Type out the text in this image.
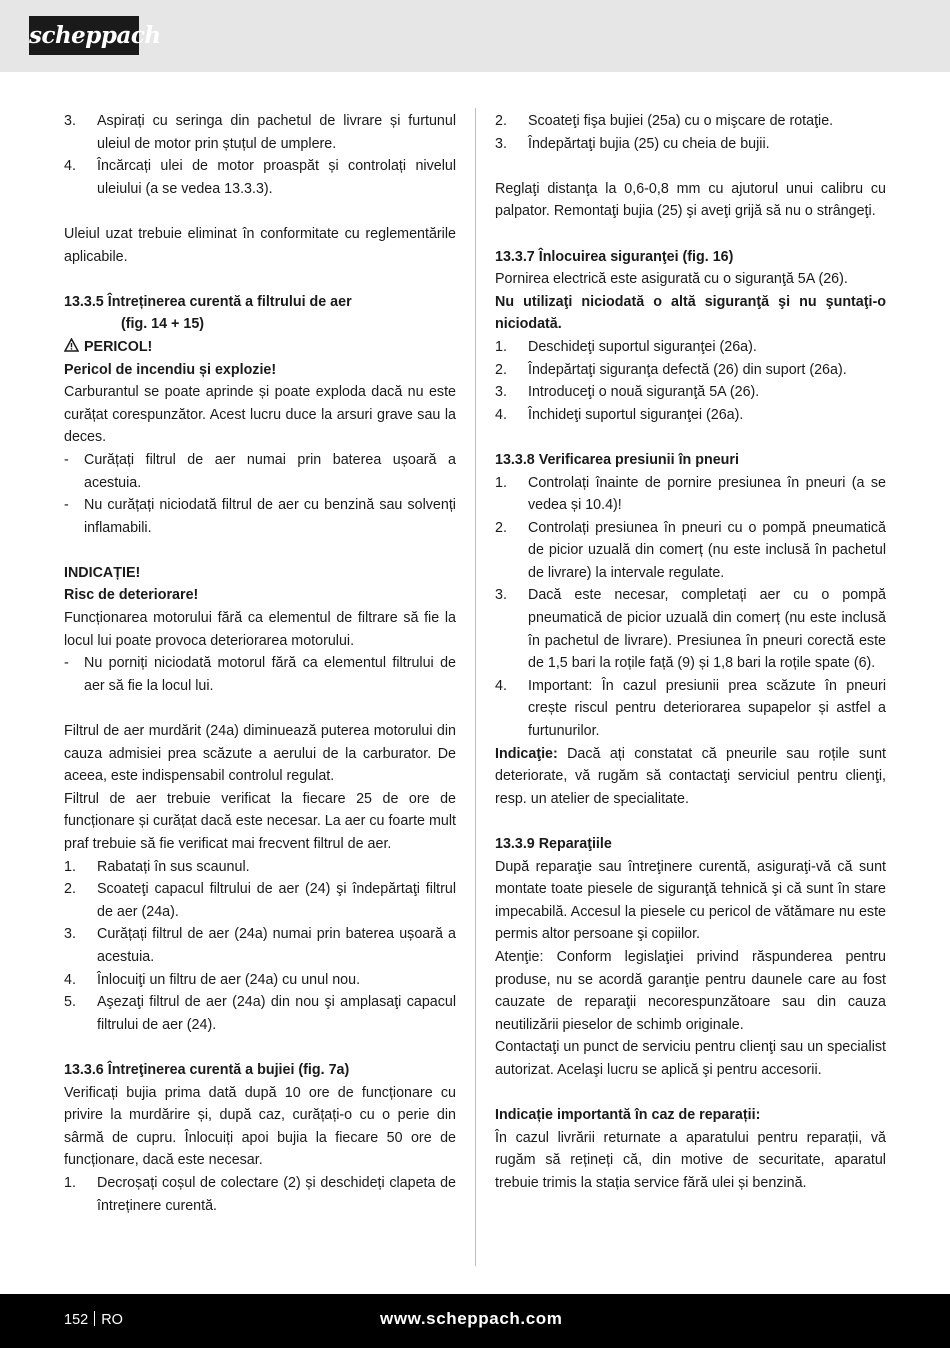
scheppach
3. Aspirați cu seringa din pachetul de livrare și furtunul uleiul de motor prin ștuțul de umplere.
4. Încărcați ulei de motor proaspăt și controlați nivelul uleiului (a se vedea 13.3.3).

Uleiul uzat trebuie eliminat în conformitate cu reglementările aplicabile.

13.3.5 Întreținerea curentă a filtrului de aer

(fig. 14 + 15)

PERICOL!

Pericol de incendiu și explozie!

Carburantul se poate aprinde și poate exploda dacă nu este curățat corespunzător. Acest lucru duce la arsuri grave sau la deces.

- Curățați filtrul de aer numai prin baterea ușoară a acestuia.
- Nu curățați niciodată filtrul de aer cu benzină sau solvenți inflamabili.

INDICAȚIE!

Risc de deteriorare!

Funcționarea motorului fără ca elementul de filtrare să fie la locul lui poate provoca deteriorarea motorului.

- Nu porniți niciodată motorul fără ca elementul filtrului de aer să fie la locul lui.

Filtrul de aer murdărit (24a) diminuează puterea motorului din cauza admisiei prea scăzute a aerului de la carburator. De aceea, este indispensabil controlul regulat.

Filtrul de aer trebuie verificat la fiecare 25 de ore de funcționare și curățat dacă este necesar. La aer cu foarte mult praf trebuie să fie verificat mai frecvent filtrul de aer.

1. Rabatați în sus scaunul.
2. Scoateţi capacul filtrului de aer (24) şi îndepărtaţi filtrul de aer (24a).
3. Curățați filtrul de aer (24a) numai prin baterea ușoară a acestuia.
4. Înlocuiţi un filtru de aer (24a) cu unul nou.
5. Aşezaţi filtrul de aer (24a) din nou şi amplasaţi capacul filtrului de aer (24).

13.3.6 Întreţinerea curentă a bujiei (fig. 7a)

Verificați bujia prima dată după 10 ore de funcționare cu privire la murdărire și, după caz, curățați-o cu o perie din sârmă de cupru. Înlocuiți apoi bujia la fiecare 50 ore de funcționare, dacă este necesar.

1. Decroșați coșul de colectare (2) și deschideți clapeta de întreținere curentă.
2. Scoateţi fişa bujiei (25a) cu o mişcare de rotaţie.
3. Îndepărtaţi bujia (25) cu cheia de bujii.

Reglaţi distanţa la 0,6-0,8 mm cu ajutorul unui calibru cu palpator. Remontaţi bujia (25) şi aveţi grijă să nu o strângeţi.

13.3.7 Înlocuirea siguranţei (fig. 16)

Pornirea electrică este asigurată cu o siguranţă 5A (26).

Nu utilizaţi niciodată o altă siguranţă şi nu şuntaţi-o niciodată.

1. Deschideţi suportul siguranţei (26a).
2. Îndepărtaţi siguranţa defectă (26) din suport (26a).
3. Introduceţi o nouă siguranţă 5A (26).
4. Închideţi suportul siguranţei (26a).

13.3.8 Verificarea presiunii în pneuri

1. Controlați înainte de pornire presiunea în pneuri (a se vedea și 10.4)!
2. Controlați presiunea în pneuri cu o pompă pneumatică de picior uzuală din comerț (nu este inclusă în pachetul de livrare) la intervale regulate.
3. Dacă este necesar, completați aer cu o pompă pneumatică de picior uzuală din comerț (nu este inclusă în pachetul de livrare). Presiunea în pneuri corectă este de 1,5 bari la roțile față (9) și 1,8 bari la roțile spate (6).
4. Important: În cazul presiunii prea scăzute în pneuri crește riscul pentru deteriorarea supapelor și astfel a furtunurilor.

Indicaţie: Dacă ați constatat că pneurile sau roțile sunt deteriorate, vă rugăm să contactaţi serviciul pentru clienţi, resp. un atelier de specialitate.

13.3.9 Reparaţiile

După reparaţie sau întreţinere curentă, asiguraţi-vă că sunt montate toate piesele de siguranţă tehnică şi că sunt în stare impecabilă. Accesul la piesele cu pericol de vătămare nu este permis altor persoane şi copiilor.

Atenţie: Conform legislaţiei privind răspunderea pentru produse, nu se acordă garanţie pentru daunele care au fost cauzate de reparaţii necorespunzătoare sau din cauza neutilizării pieselor de schimb originale.

Contactaţi un punct de serviciu pentru clienţi sau un specialist autorizat. Acelaşi lucru se aplică şi pentru accesorii.

Indicație importantă în caz de reparații:

În cazul livrării returnate a aparatului pentru reparații, vă rugăm să rețineți că, din motive de securitate, aparatul trebuie trimis la stația service fără ulei și benzină.

152 RO	www.scheppach.com
